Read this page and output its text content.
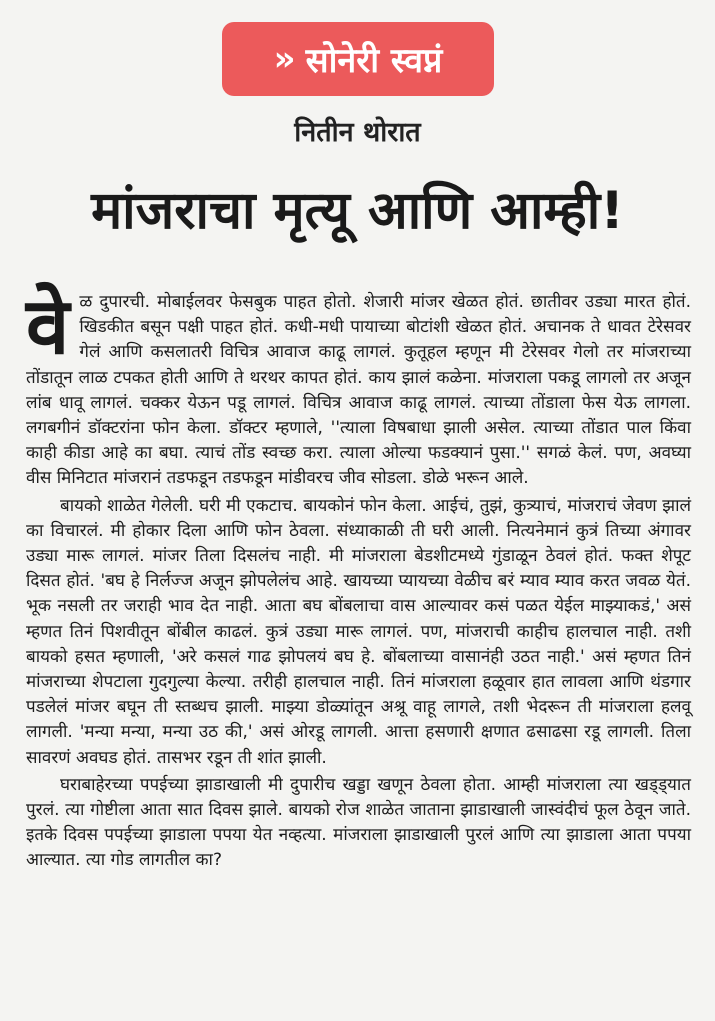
» सोनेरी स्वप्नं
नितीन थोरात
मांजराचा मृत्यू आणि आम्ही!

वेळ दुपारची. मोबाईलवर फेसबुक पाहत होतो. शेजारी मांजर खेळत होतं. छातीवर उड्या मारत होतं. खिडकीत बसून पक्षी पाहत होतं. कधी-मधी पायाच्या बोटांशी खेळत होतं. अचानक ते धावत टेरेसवर गेलं आणि कसलातरी विचित्र आवाज काढू लागलं. कुतूहल म्हणून मी टेरेसवर गेलो तर मांजराच्या तोंडातून लाळ टपकत होती आणि ते थरथर कापत होतं. काय झालं कळेना. मांजराला पकडू लागलो तर अजून लांब धावू लागलं. चक्कर येऊन पडू लागलं. विचित्र आवाज काढू लागलं. त्याच्या तोंडाला फेस येऊ लागला. लगबगीनं डॉक्टरांना फोन केला. डॉक्टर म्हणाले, ''त्याला विषबाधा झाली असेल. त्याच्या तोंडात पाल किंवा काही कीडा आहे का बघा. त्याचं तोंड स्वच्छ करा. त्याला ओल्या फडक्यानं पुसा.'' सगळं केलं. पण, अवघ्या वीस मिनिटात मांजरानं तडफडून तडफडून मांडीवरच जीव सोडला. डोळे भरून आले.

बायको शाळेत गेलेली. घरी मी एकटाच. बायकोनं फोन केला. आईचं, तुझं, कुत्र्याचं, मांजराचं जेवण झालं का विचारलं. मी होकार दिला आणि फोन ठेवला. संध्याकाळी ती घरी आली. नित्यनेमानं कुत्रं तिच्या अंगावर उड्या मारू लागलं. मांजर तिला दिसलंच नाही. मी मांजराला बेडशीटमध्ये गुंडाळून ठेवलं होतं. फक्त शेपूट दिसत होतं. 'बघ हे निर्लज्ज अजून झोपलेलंच आहे. खायच्या प्यायच्या वेळीच बरं म्याव म्याव करत जवळ येतं. भूक नसली तर जराही भाव देत नाही. आता बघ बोंबलाचा वास आल्यावर कसं पळत येईल माझ्याकडं,' असं म्हणत तिनं पिशवीतून बोंबील काढलं. कुत्रं उड्या मारू लागलं. पण, मांजराची काहीच हालचाल नाही. तशी बायको हसत म्हणाली, 'अरे कसलं गाढ झोपलयं बघ हे. बोंबलाच्या वासानंही उठत नाही.' असं म्हणत तिनं मांजराच्या शेपटाला गुदगुल्या केल्या. तरीही हालचाल नाही. तिनं मांजराला हळूवार हात लावला आणि थंडगार पडलेलं मांजर बघून ती स्तब्धच झाली. माझ्या डोळ्यांतून अश्रू वाहू लागले, तशी भेदरून ती मांजराला हलवू लागली. 'मन्या मन्या, मन्या उठ की,' असं ओरडू लागली. आत्ता हसणारी क्षणात ढसाढसा रडू लागली. तिला सावरणं अवघड होतं. तासभर रडून ती शांत झाली.

घराबाहेरच्या पपईच्या झाडाखाली मी दुपारीच खड्डा खणून ठेवला होता. आम्ही मांजराला त्या खड्ड्यात पुरलं. त्या गोष्टीला आता सात दिवस झाले. बायको रोज शाळेत जाताना झाडाखाली जास्वंदीचं फूल ठेवून जाते. इतके दिवस पपईच्या झाडाला पपया येत नव्हत्या. मांजराला झाडाखाली पुरलं आणि त्या झाडाला आता पपया आल्यात. त्या गोड लागतील का?
